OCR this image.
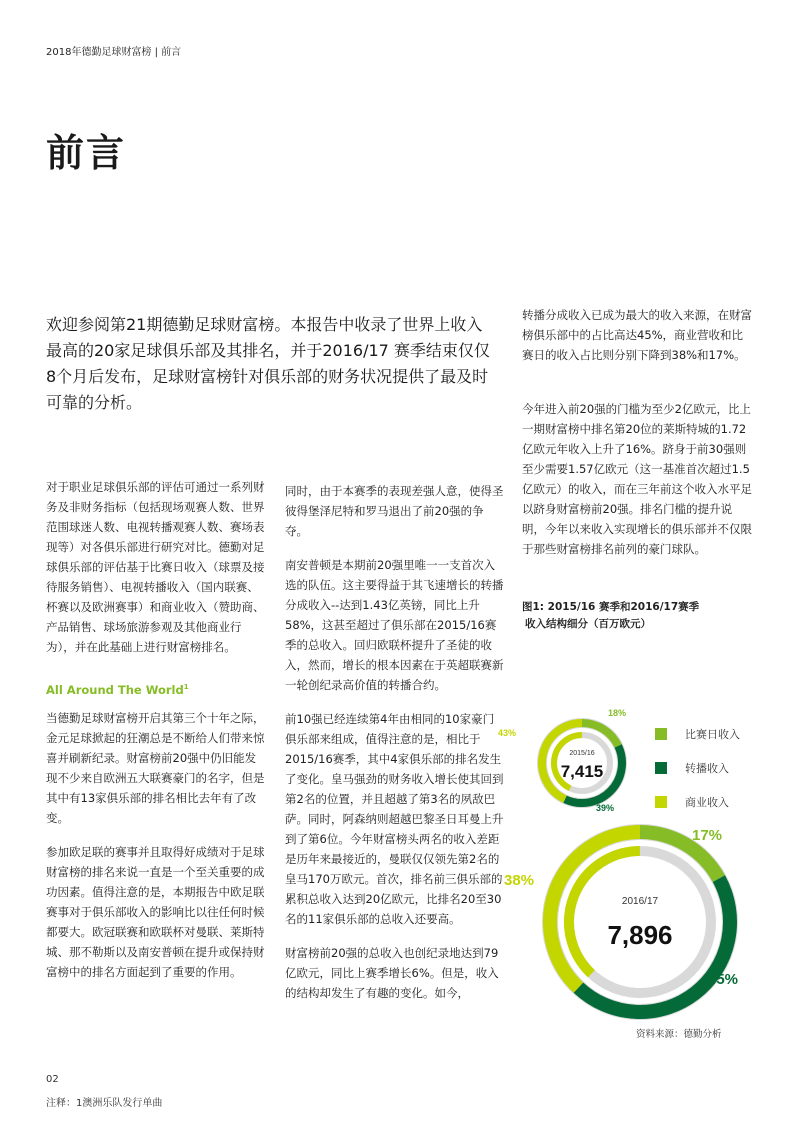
2018年德勤足球财富榜 | 前言
前言
欢迎参阅第21期德勤足球财富榜。本报告中收录了世界上收入最高的20家足球俱乐部及其排名，并于2016/17 赛季结束仅仅8个月后发布，足球财富榜针对俱乐部的财务状况提供了最及时可靠的分析。

对于职业足球俱乐部的评估可通过一系列财务及非财务指标（包括现场观赛人数、世界范围球迷人数、电视转播观赛人数、赛场表现等）对各俱乐部进行研究对比。德勤对足球俱乐部的评估基于比赛日收入（球票及接待服务销售）、电视转播收入（国内联赛、杯赛以及欧洲赛事）和商业收入（赞助商、产品销售、球场旅游参观及其他商业行为），并在此基础上进行财富榜排名。

All Around The World$^1$

当德勤足球财富榜开启其第三个十年之际，金元足球掀起的狂潮总是不断给人们带来惊喜并刷新纪录。财富榜前20强中仍旧能发现不少来自欧洲五大联赛豪门的名字，但是其中有13家俱乐部的排名相比去年有了改变。

参加欧足联的赛事并且取得好成绩对于足球财富榜的排名来说一直是一个至关重要的成功因素。值得注意的是，本期报告中欧足联赛事对于俱乐部收入的影响比以往任何时候都要大。欧冠联赛和欧联杯对曼联、莱斯特城、那不勒斯以及南安普顿在提升或保持财富榜中的排名方面起到了重要的作用。

同时，由于本赛季的表现差强人意，使得圣彼得堡泽尼特和罗马退出了前20强的争夺。

南安普顿是本期前20强里唯一一支首次入选的队伍。这主要得益于其飞速增长的转播分成收入--达到1.43亿英镑，同比上升58%，这甚至超过了俱乐部在2015/16赛季的总收入。回归欧联杯提升了圣徒的收入，然而，增长的根本因素在于英超联赛新一轮创纪录高价值的转播合约。

前10强已经连续第4年由相同的10家豪门俱乐部来组成，值得注意的是，相比于2015/16赛季，其中4家俱乐部的排名发生了变化。皇马强劲的财务收入增长使其回到第2名的位置，并且超越了第3名的夙敌巴萨。同时，阿森纳则超越巴黎圣日耳曼上升到了第6位。今年财富榜头两名的收入差距是历年来最接近的，曼联仅仅领先第2名的皇马170万欧元。首次，排名前三俱乐部的累积总收入达到20亿欧元，比排名20至30名的11家俱乐部的总收入还要高。

财富榜前20强的总收入也创纪录地达到79亿欧元，同比上赛季增长6%。但是，收入的结构却发生了有趣的变化。如今，

转播分成收入已成为最大的收入来源，在财富榜俱乐部中的占比高达45%，商业营收和比赛日的收入占比则分别下降到38%和17%。

今年进入前20强的门槛为至少2亿欧元，比上一期财富榜中排名第20位的莱斯特城的1.72亿欧元年收入上升了16%。跻身于前30强则至少需要1.57亿欧元（这一基准首次超过1.5亿欧元）的收入，而在三年前这个收入水平足以跻身财富榜前20强。排名门槛的提升说明，今年以来收入实现增长的俱乐部并不仅限于那些财富榜排名前列的豪门球队。

图1: 2015/16 赛季和2016/17赛季
收入结构细分（百万欧元）
18%
39%
43%
2015/16
7,415
17%
45%
38%
2016/17
7,896
比赛日收入
转播收入
商业收入
资料来源：德勤分析
02
注释：1澳洲乐队发行单曲
